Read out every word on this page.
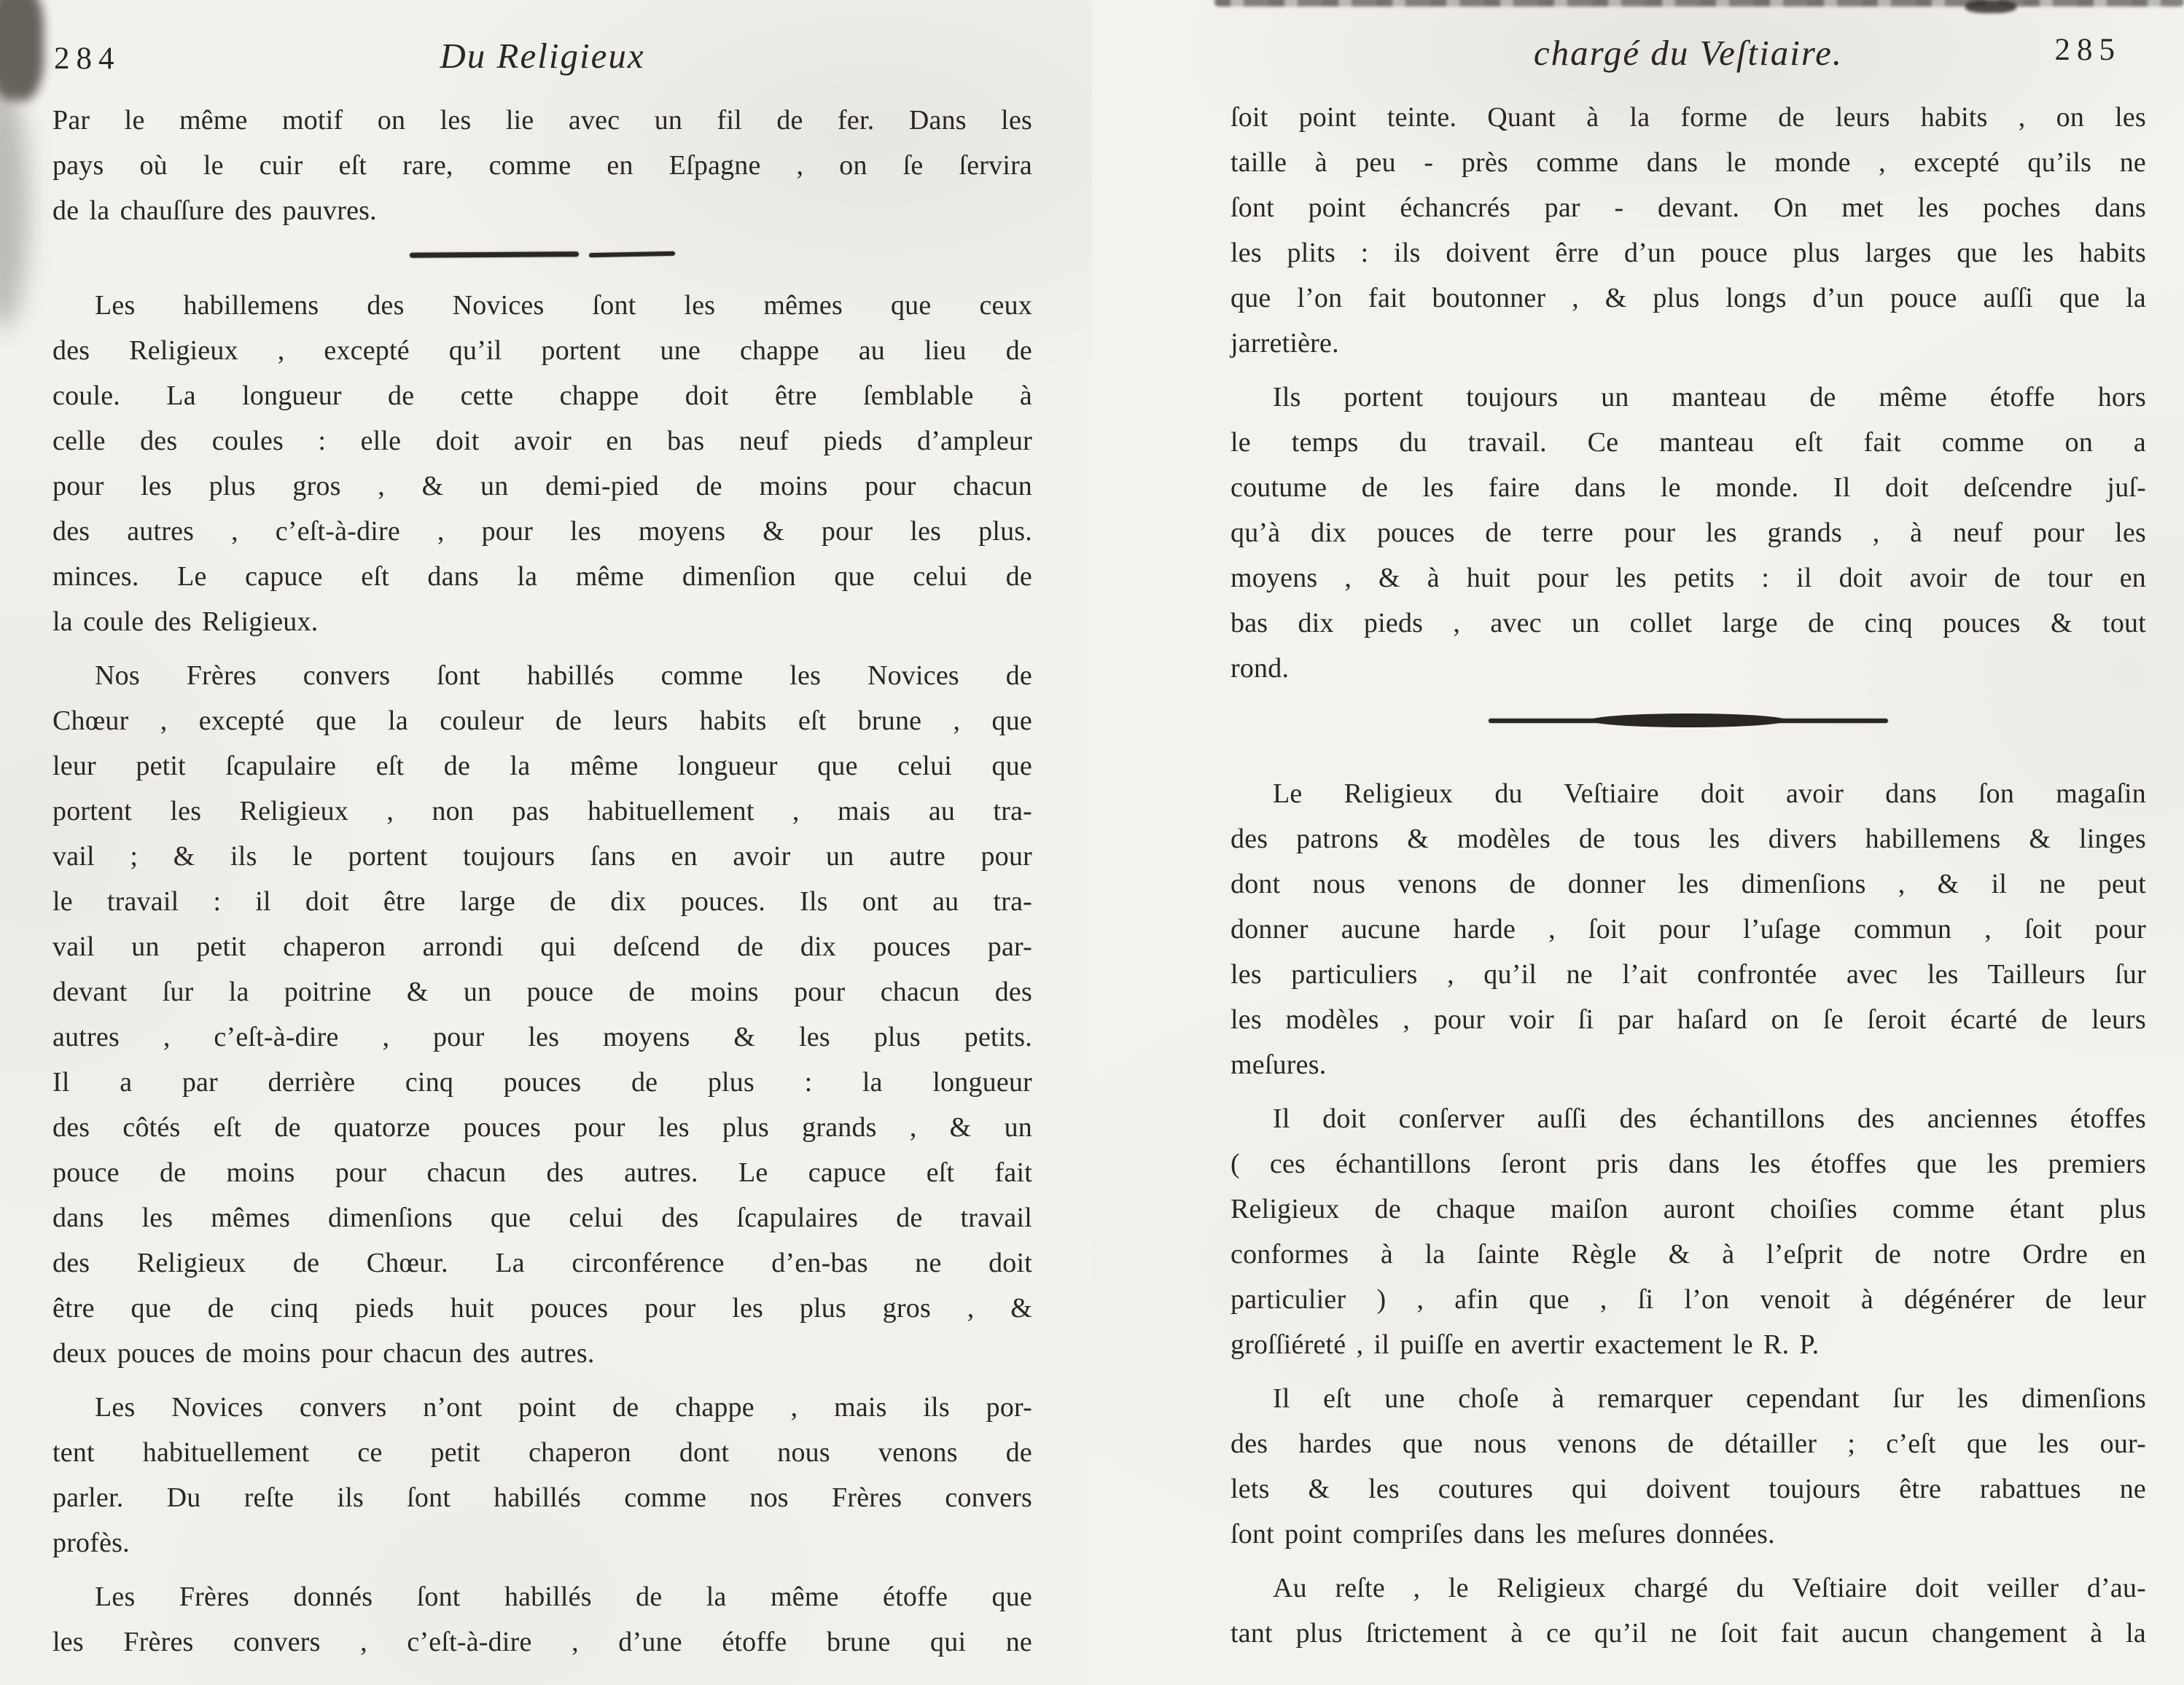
284	Du Religieux
Par le même motif on les lie avec un fil de fer. Dans les
pays où le cuir eſt rare, comme en Eſpagne , on ſe ſervira
de la chauſſure des pauvres.
Les habillemens des Novices ſont les mêmes que ceux
des Religieux , excepté qu’il portent une chappe au lieu de
coule. La longueur de cette chappe doit être ſemblable à
celle des coules : elle doit avoir en bas neuf pieds d’ampleur
pour les plus gros , & un demi-pied de moins pour chacun
des autres , c’eſt-à-dire , pour les moyens & pour les plus.
minces. Le capuce eſt dans la même dimenſion que celui de
la coule des Religieux.
Nos Frères convers ſont habillés comme les Novices de
Chœur , excepté que la couleur de leurs habits eſt brune , que
leur petit ſcapulaire eſt de la même longueur que celui que
portent les Religieux , non pas habituellement , mais au tra-
vail ; & ils le portent toujours ſans en avoir un autre pour
le travail : il doit être large de dix pouces. Ils ont au tra-
vail un petit chaperon arrondi qui deſcend de dix pouces par-
devant ſur la poitrine & un pouce de moins pour chacun des
autres , c’eſt-à-dire , pour les moyens & les plus petits.
Il a par derrière cinq pouces de plus : la longueur
des côtés eſt de quatorze pouces pour les plus grands , & un
pouce de moins pour chacun des autres. Le capuce eſt fait
dans les mêmes dimenſions que celui des ſcapulaires de travail
des Religieux de Chœur. La circonférence d’en-bas ne doit
être que de cinq pieds huit pouces pour les plus gros , &
deux pouces de moins pour chacun des autres.
Les Novices convers n’ont point de chappe , mais ils por-
tent habituellement ce petit chaperon dont nous venons de
parler. Du reſte ils ſont habillés comme nos Frères convers
profès.
Les Frères donnés ſont habillés de la même étoffe que
les Frères convers , c’eſt-à-dire , d’une étoffe brune qui ne
285
chargé du Veſtiaire.
ſoit point teinte. Quant à la forme de leurs habits , on les
taille à peu - près comme dans le monde , excepté qu’ils ne
ſont point échancrés par - devant. On met les poches dans
les plits : ils doivent êrre d’un pouce plus larges que les habits
que l’on fait boutonner , & plus longs d’un pouce auſſi que la
jarretière.
Ils portent toujours un manteau de même étoffe hors
le temps du travail. Ce manteau eſt fait comme on a
coutume de les faire dans le monde. Il doit deſcendre juſ-
qu’à dix pouces de terre pour les grands , à neuf pour les
moyens , & à huit pour les petits : il doit avoir de tour en
bas dix pieds , avec un collet large de cinq pouces & tout
rond.
Le Religieux du Veſtiaire doit avoir dans ſon magaſin
des patrons & modèles de tous les divers habillemens & linges
dont nous venons de donner les dimenſions , & il ne peut
donner aucune harde , ſoit pour l’uſage commun , ſoit pour
les particuliers , qu’il ne l’ait confrontée avec les Tailleurs ſur
les modèles , pour voir ſi par haſard on ſe ſeroit écarté de leurs
meſures.
Il doit conſerver auſſi des échantillons des anciennes étoffes
( ces échantillons ſeront pris dans les étoffes que les premiers
Religieux de chaque maiſon auront choiſies comme étant plus
conformes à la ſainte Règle & à l’eſprit de notre Ordre en
particulier ) , afin que , ſi l’on venoit à dégénérer de leur
groſſiéreté , il puiſſe en avertir exactement le R. P.
Il eſt une choſe à remarquer cependant ſur les dimenſions
des hardes que nous venons de détailler ; c’eſt que les our-
lets & les coutures qui doivent toujours être rabattues ne
ſont point compriſes dans les meſures données.
Au reſte , le Religieux chargé du Veſtiaire doit veiller d’au-
tant plus ſtrictement à ce qu’il ne ſoit fait aucun changement à la
